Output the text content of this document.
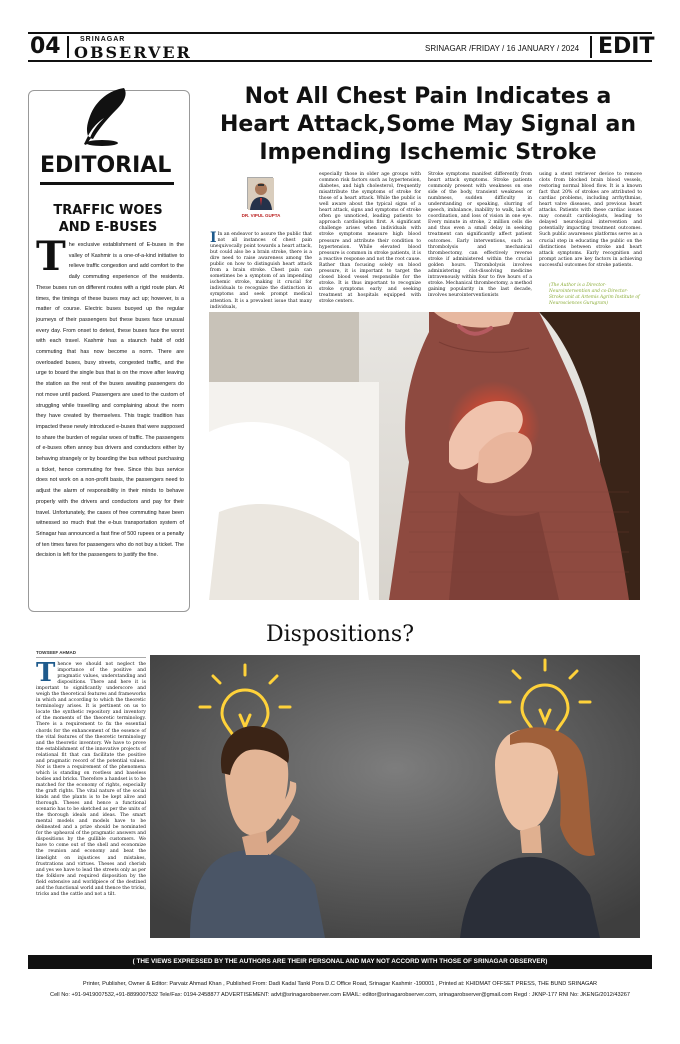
04	SRINAGAR
OBSERVER	SRINAGAR /FRIDAY / 16 JANUARY / 2024 EDIT
EDITORIAL
TRAFFIC WOES
AND E-BUSES
The exclusive establishment of E-buses in the valley of Kashmir is a one-of-a-kind initiative to relieve traffic congestion and add comfort to the daily commuting experience of the residents. These buses run on different routes with a rigid route plan. At times, the timings of these buses may act up; however, is a matter of course. Electric buses buoyed up the regular journeys of their passengers but these buses face unusual every day. From onset to detest, these buses face the worst with each travel. Kashmir has a staunch habit of odd commuting that has now become a norm. There are overloaded buses, busy streets, congested traffic, and the urge to board the single bus that is on the move after leaving the station as the rest of the buses awaiting passengers do not move until packed. Passengers are used to the custom of struggling while travelling and complaining about the norm they have created by themselves. This tragic tradition has impacted these newly introduced e-buses that were supposed to share the burden of regular woes of traffic. The passengers of e-buses often annoy bus drivers and conductors either by behaving strangely or by boarding the bus without purchasing a ticket, hence commuting for free. Since this bus service does not work on a non-profit basis, the passengers need to adjust the alarm of responsibility in their minds to behave properly with the drivers and conductors and pay for their travel. Unfortunately, the cases of free commuting have been witnessed so much that the e-bus transportation system of Srinagar has announced a fast fine of 500 rupees or a penalty of ten times fares for passengers who do not buy a ticket. The decision is left for the passengers to justify the fine.
Not All Chest Pain Indicates a
Heart Attack,Some May Signal an
Impending Ischemic Stroke
DR. VIPUL GUPTA
I In an endeavor to assure the public that not all instances of chest pain unequivocally point towards a heart attack, but could also be a brain stroke, there is a dire need to raise awareness among the public on how to distinguish heart attack from a brain stroke. Chest pain can sometimes be a symptom of an impending ischemic stroke, making it crucial for individuals to recognize the distinction in symptoms and seek prompt medical attention. It is a prevalent issue that many individuals,
especially those in older age groups with common risk factors such as hypertension, diabetes, and high cholesterol, frequently misattribute the symptoms of stroke for those of a heart attack. While the public is well aware about the typical signs of a heart attack, signs and symptoms of stroke often go unnoticed, leading patients to approach cardiologists first. A significant challenge arises when individuals with stroke symptoms measure high blood pressure and attribute their condition to hypertension. While elevated blood pressure is common in stroke patients, it is a reactive response and not the root cause. Rather than focusing solely on blood pressure, it is important to target the closed blood vessel responsible for the stroke. It is thus important to recognize stroke symptoms early and seeking treatment at hospitals equipped with stroke centers.
Stroke symptoms manifest differently from heart attack symptoms. Stroke patients commonly present with weakness on one side of the body, transient weakness or numbness, sudden difficulty in understanding or speaking, slurring of speech, imbalance, inability to walk, lack of coordination, and loss of vision in one eye. Every minute in stroke, 2 million cells die and thus even a small delay in seeking treatment can significantly affect patient outcomes. Early interventions, such as thrombolysis and mechanical thrombectomy, can effectively reverse stroke if administered within the crucial golden hours. Thrombolysis involves administering clot-dissolving medicine intravenously within four to five hours of a stroke. Mechanical thrombectomy, a method gaining popularity in the last decade, involves neurointerventionists
using a stent retriever device to remove clots from blocked brain blood vessels, restoring normal blood flow. It is a known fact that 20% of strokes are attributed to cardiac problems, including arrhythmias, heart valve diseases, and previous heart attacks. Patients with these cardiac issues may consult cardiologists, leading to delayed neurological intervention and potentially impacting treatment outcomes. Such public awareness platforms serve as a crucial step in educating the public on the distinctions between stroke and heart attack symptoms. Early recognition and prompt action are key factors in achieving successful outcomes for stroke patients.
(The Author is a Director- Neurointervention and co-Director- Stroke unit at Artemis Agrim Institute of Neurosciences Gurugram)
Dispositions?
TOWSEEF AHMAD
Thence we should not neglect the importance of the positive and pragmatic values, understanding and dispositions. There and here it is important to significantly underscore and weigh the theoretical features and frameworks in which and according to which the theoretic terminology arises. It is pertinent on us to locate the synthetic repository and inventory of the moments of the theoretic terminology. There is a requirement to fix the essential chords for the enhancement of the essence of the vital features of the theoretic terminology and the theoretic inventory. We have to prove the establishment of the innovative projects of relational fit that can facilitate the positive and pragmatic record of the potential values. Nor is there a requirement of the phenomena which is standing on rootless and baseless bodies and bricks. Therefore a handset is to be matched for the economy of rights, especially the graft rights. The vital nature of the social kinds and the plants is to be kept alive and thorough. Theses and hence a functional scenario has to be sketched as per the units of the thorough ideals and ideas. The smart mental models and models have to be delineated and a prize should be nominated for the upheaval of the pragmatic answers and dispositions by the gullible customers. We have to come out of the shell and economize the reunion and economy and beat the limelight on injustices and mistakes, frustrations and virtues. Theses and cherish and yes we have to lead the streets only as per the folklore and required disposition by the field extensive and worldpiece of the destined and the functional world and thence the tricks, tricks and the cattle and not a tilt.
( THE VIEWS EXPRESSED BY THE AUTHORS ARE THEIR PERSONAL AND MAY NOT ACCORD WITH THOSE OF SRINAGAR OBSERVER)
Printer, Publisher, Owner & Editor: Parvaiz Ahmad Khan , Published From: Dadi Kadal Tanki Pora D.C Office Road, Srinagar Kashmir -190001 , Printed at: KHIDMAT OFFSET PRESS, THE BUND SRINAGAR
Cell No: +91-9419007532,+91-8899007532 Tele/Fax: 0194-2458877 ADVERTISEMENT: advt@srinagarobserver.com EMAIL: editor@srinagarobserver.com, srinagarobserver@gmail.com Regd : JKNP-177 RNI No: JKENG/2012/43267
